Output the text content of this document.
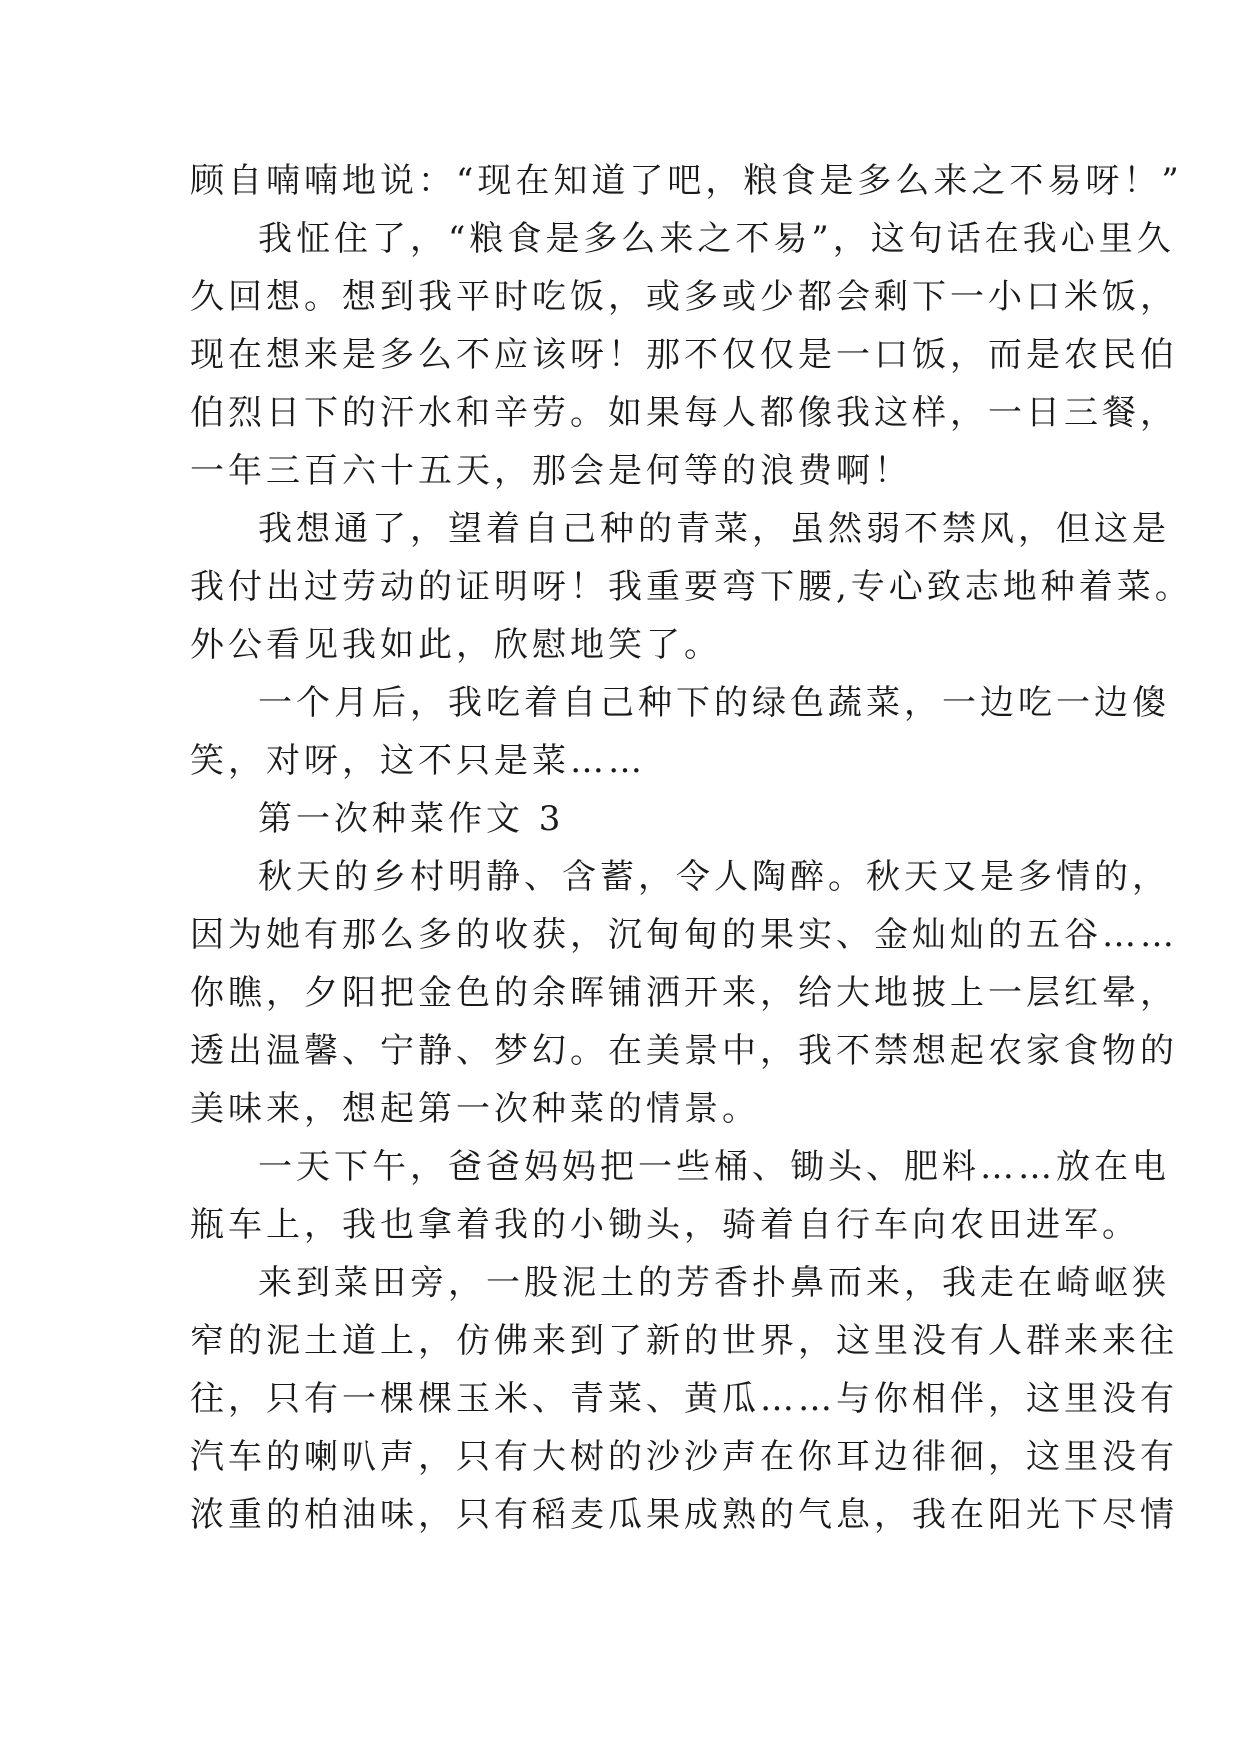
顾自喃喃地说：“现在知道了吧，粮食是多么来之不易呀！”
我怔住了，“粮食是多么来之不易”，这句话在我心里久
久回想。想到我平时吃饭，或多或少都会剩下一小口米饭，
现在想来是多么不应该呀！那不仅仅是一口饭，而是农民伯
伯烈日下的汗水和辛劳。如果每人都像我这样，一日三餐，
一年三百六十五天，那会是何等的浪费啊！
我想通了，望着自己种的青菜，虽然弱不禁风，但这是
我付出过劳动的证明呀！我重要弯下腰,专心致志地种着菜。
外公看见我如此，欣慰地笑了。
一个月后，我吃着自己种下的绿色蔬菜，一边吃一边傻
笑，对呀，这不只是菜……
第一次种菜作文 3
秋天的乡村明静、含蓄，令人陶醉。秋天又是多情的，
因为她有那么多的收获，沉甸甸的果实、金灿灿的五谷……
你瞧，夕阳把金色的余晖铺洒开来，给大地披上一层红晕，
透出温馨、宁静、梦幻。在美景中，我不禁想起农家食物的
美味来，想起第一次种菜的情景。
一天下午，爸爸妈妈把一些桶、锄头、肥料……放在电
瓶车上，我也拿着我的小锄头，骑着自行车向农田进军。
来到菜田旁，一股泥土的芳香扑鼻而来，我走在崎岖狭
窄的泥土道上，仿佛来到了新的世界，这里没有人群来来往
往，只有一棵棵玉米、青菜、黄瓜……与你相伴，这里没有
汽车的喇叭声，只有大树的沙沙声在你耳边徘徊，这里没有
浓重的柏油味，只有稻麦瓜果成熟的气息，我在阳光下尽情
